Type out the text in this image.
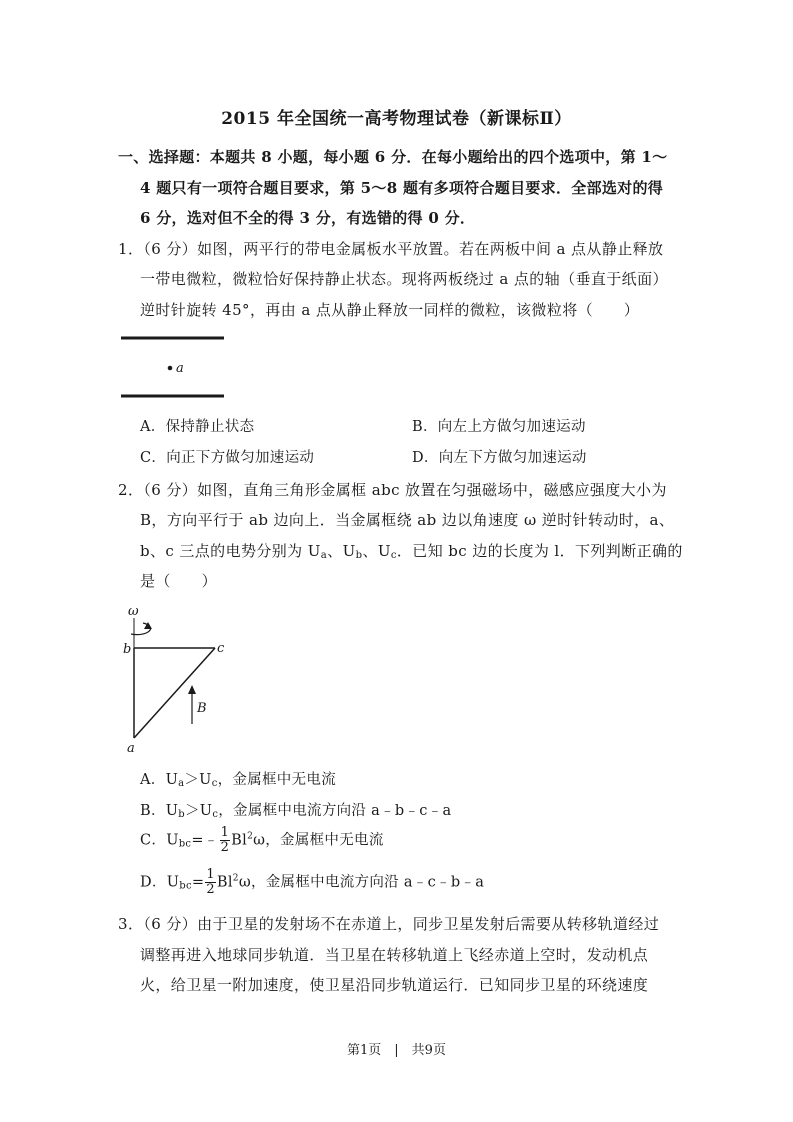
2015 年全国统一高考物理试卷（新课标Ⅱ）
一、选择题：本题共 8 小题，每小题 6 分．在每小题给出的四个选项中，第 1～
4 题只有一项符合题目要求，第 5～8 题有多项符合题目要求．全部选对的得
6 分，选对但不全的得 3 分，有选错的得 0 分．
1．（6 分）如图，两平行的带电金属板水平放置。若在两板中间 a 点从静止释放
一带电微粒，微粒恰好保持静止状态。现将两板绕过 a 点的轴（垂直于纸面）
逆时针旋转 45°，再由 a 点从静止释放一同样的微粒，该微粒将（　　）
a
A．保持静止状态	B．向左上方做匀加速运动
C．向正下方做匀加速运动	D．向左下方做匀加速运动
2．（6 分）如图，直角三角形金属框 abc 放置在匀强磁场中，磁感应强度大小为
B，方向平行于 ab 边向上．当金属框绕 ab 边以角速度 ω 逆时针转动时，a、
b、c 三点的电势分别为 $U_a$、$U_b$、$U_c$．已知 bc 边的长度为 l．下列判断正确的
是（　　）
ω
b	c
a
B
A．$U_a>U_c$，金属框中无电流
B．$U_b>U_c$，金属框中电流方向沿 a﹣b﹣c﹣a
C．$U_{bc}=﹣ \frac{1}{2} Bl^2\omega$，金属框中无电流
D．$U_{bc}= \frac{1}{2} Bl^2\omega$，金属框中电流方向沿 a﹣c﹣b﹣a
3．（6 分）由于卫星的发射场不在赤道上，同步卫星发射后需要从转移轨道经过
调整再进入地球同步轨道．当卫星在转移轨道上飞经赤道上空时，发动机点
火，给卫星一附加速度，使卫星沿同步轨道运行．已知同步卫星的环绕速度
第1页　|　共9页
